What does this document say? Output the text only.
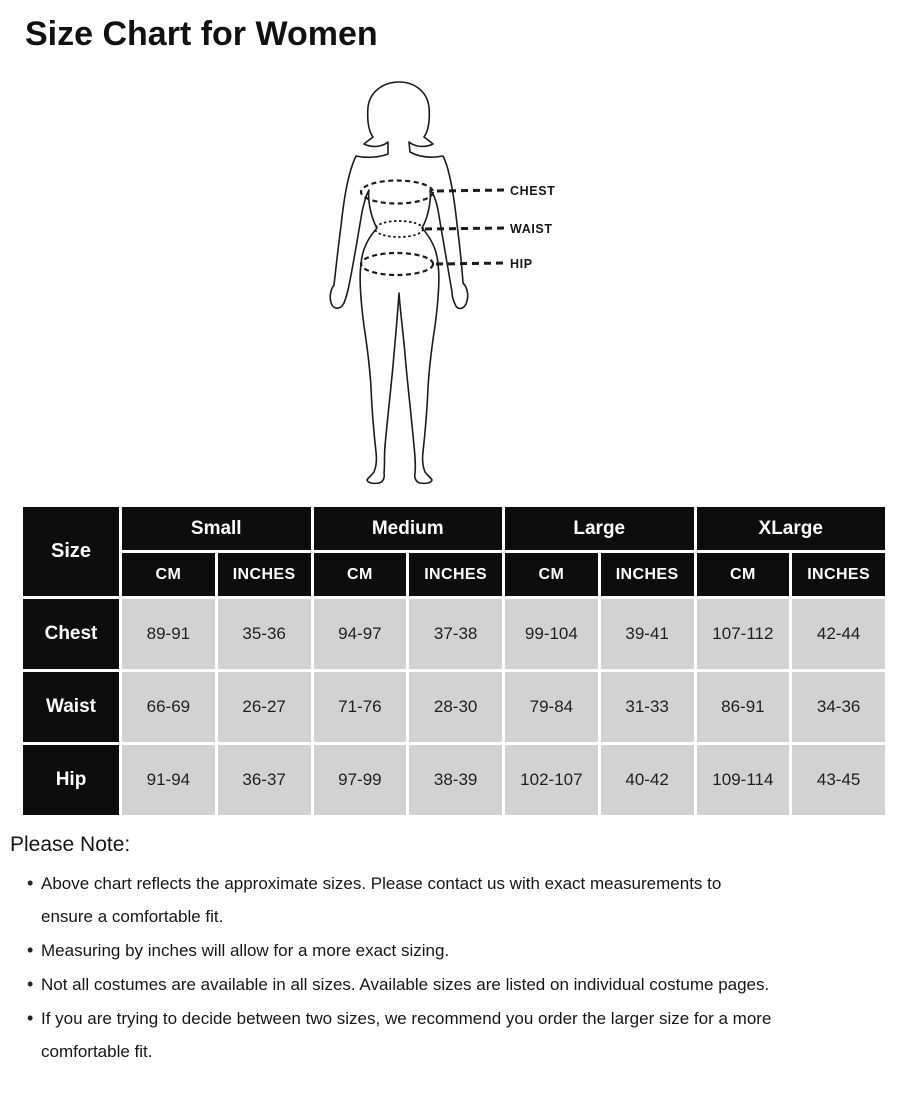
Size Chart for Women
CHEST
WAIST
HIP
Size	Small		Medium		Large		XLarge	
	CM	INCHES	CM	INCHES	CM	INCHES	CM	INCHES
Chest	89-91	35-36	94-97	37-38	99-104	39-41	107-112	42-44
Waist	66-69	26-27	71-76	28-30	79-84	31-33	86-91	34-36
Hip	91-94	36-37	97-99	38-39	102-107	40-42	109-114	43-45
Please Note:
• Above chart reflects the approximate sizes. Please contact us with exact measurements to
ensure a comfortable fit.
• Measuring by inches will allow for a more exact sizing.
• Not all costumes are available in all sizes. Available sizes are listed on individual costume pages.
• If you are trying to decide between two sizes, we recommend you order the larger size for a more
comfortable fit.
